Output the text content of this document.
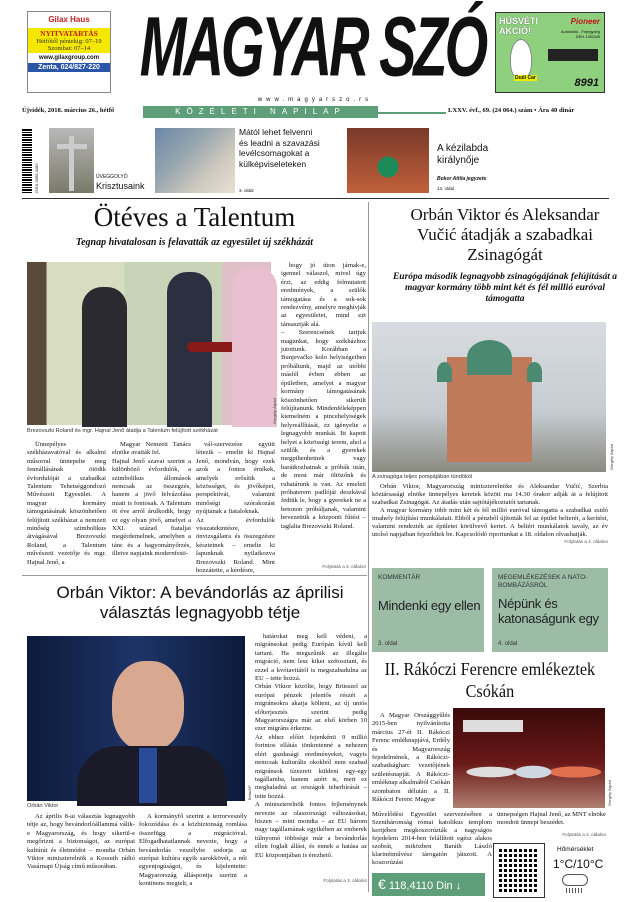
Gilax Haus
NYITVATARTÁS
Hétfőtől péntekig: 07–19
Szombat: 07–14
www.gilaxgroup.com
Zenta, 024/827-220 MAGYAR SZÓ
www.magyarszo.rs
HÚSVÉTI AKCIÓ!
Pioneer
Autórádió - Fejegység DEH-1900UB
Dudi Car	8991
Újvidék, 2018. március 26., hétfő	KÖZÉLETI NAPILAP	LXXV. évf., 69. (24 064.) szám • Ára 40 dinár
ISSN 0350-4182	ÜVEGGOLYÓ
Krisztusaink
Mától lehet felvenni és leadni a szavazási levélcsomagokat a külképviseleteken
3. oldal
A kézilabda királynője
Bokor Attila jegyzete
13. oldal
Ötéves a Talentum
Tegnap hivatalosan is felavatták az egyesület új székházát
Gergely Árpád
Brezovszki Roland és mgr. Hajnal Jenő átadja a Talentum felújított székházát
Ünnepélyes székházavatóval és alkalmi műsorral ünnepelte meg fennállásának ötödik évfordulóját a szabadkai Talentum Tehetséggondozó Művészeti Egyesület. A magyar kormány támogatásának köszönhetően felújított székházat a nemzeti minőség szimbolikus átvágásával Brezovszki Roland, a Talentum művészeti vezetője és mgr. Hajnal Jenő, a
Magyar Nemzeti Tanács elnöke avatták fel.
Hajnal Jenő szavai szerint a különböző évfordulók, a szimbolikus állomások nemcsak az összegzés, hanem a jövő felvázolása miatt is fontosak. A Talentum öt éve arról árulkodik, hogy ez egy olyan jövő, amelyet a XXI. század fiataljai megérdemelnek, amelyben a tánc és a hagyományőrzés, illetve napjaink modernfesti-
vál-szervezése együtt létezik – emelte ki Hajnal Jenő, mondván, hogy ezek azok a fontos értékek, amelyek erősítik a közösséget, és jövőképet, perspektívát, valamint minőségi szórakozást nyújtanak a fiataloknak.
Az évfordulók visszatekintésre, önvizsgálatra és összegzésre késztetnek – emelte ki lapunknak nyilatkozva Brezovszki Roland. Mint hozzátette, a kérdésre,
hogy jó úton járnak-e, igennel válaszol, mivel úgy érzi, az eddig felmutatott eredmények, a szülők támogatása és a sok-sok rendezvény, amelyre meghívják az egyesületet, mind ezt támasztják alá.
– Szerencsének tartjuk magunkat, hogy székházhoz jutottunk. Korábban a Bunjevačko kolo helyiségeiben próbáltunk, majd az utóbbi másfél évben ebben az épületben, amelyet a magyar kormány támogatásának köszönhetően sikerült felújítanunk. Mindenféleképpen kiemelném a pincehelyiségek helyreállítását, ez igényelte a legnagyobb munkát. Itt kapott helyet a közösségi terem, ahol a szülők és a gyerekek megpihenhetnek vagy barátkozhatnak a próbák után, de most már öltözőnk és ruhatárunk is van. Az emeleti próbaterem padlóját deszkával fedtük le, hogy a gyerekek ne a betonon próbáljanak, valamint bevezettük a központi fűtést – taglalta Brezovszki Roland.
Folytatás a 4. oldalon
Orbán Viktor és Aleksandar Vučić átadják a szabadkai Zsinagógát
Európa második legnagyobb zsinagógájának felújítását a magyar kormány több mint két és fél millió euróval támogatta
Gergely Árpád
A zsinagóga teljes pompájában tündököl
Orbán Viktor, Magyarország miniszterelnöke és Aleksandar Vučić, Szerbia köztársasági elnöke ünnepélyes keretek között ma 14.30 órakor adják át a felújított szabadkai Zsinagógát. Az átadás után sajtótájékoztatót tartanak.
A magyar kormány több mint két és fél millió euróval támogatta a szabadkai zsidó imahely felújítási munkálatait. Ebből a pénzből újították fel az épület belterét, a kerítést, valamint rendezték az épületet körülvevő kertet. A beltéri munkálatok tavaly, az év utolsó napjaiban fejeződtek be. Kapcsolódó riportunkat a 18. oldalon olvashatják.
Folytatás a 4. oldalon
KOMMENTÁR
Mindenki egy ellen
3. oldal
MEGEMLÉKEZÉSEK A NATO-BOMBÁZÁSRÓL
Népünk és katonaságunk egy
4. oldal
Orbán Viktor: A bevándorlás az áprilisi választás legnagyobb tétje
Beta/AP
Orbán Viktor
Az április 8-ai választás legnagyobb tétje az, hogy bevándorlóállammá válik-e Magyarország, és hogy sikerül-e megőrizni a biztonságot, az európai kultúrát és életmódot – mondta Orbán Viktor miniszterelnök a Kossuth rádió Vasárnapi Újság című műsorában.
A kormányfő szerint a terrorveszély fokozódása és a közbiztonság romlása összefügg a migrációval. Elfogadhatatlannak nevezte, hogy a bevándorlás veszélybe sodorja az európai kultúra egyik sarokkövét, a női egyenjogúságot, és kijelentette: Magyarország álláspontja szerint a kontinens megtelt, a
határokat meg kell védeni, a migránsokat pedig Európán kívül kell tartani. Ha megszűnik az illegális migráció, nem lesz kiket szétosztani, és ezzel a kvótavitától is megszabadulna az EU – tette hozzá.
Orbán Viktor közölte, hogy Brüsszel az európai pénzek jelentős részét a migránsokra akarja költeni, az új uniós előterjesztés szerint pedig Magyarországra már az első körben 10 ezer migráns érkezne.
Az ehhez előírt fejenkénti 9 millió forintos ellátás tönkretenné a nehezen elért gazdasági eredményeket, vagyis nemcsak kulturális okokból nem szabad migránsok tízezreit küldeni egy-egy tagállamba, hanem azért is, mert ez meghaladná az országok teherbírását – tette hozzá.
A miniszterelnök fontos fejleménynek nevezte az olaszországi változásokat, hiszen – mint mondta – az EU három nagy tagállamának egyikében az emberek túlnyomó többsége már a bevándorlás ellen foglalt állást, és ennek a hatása az EU központjában is érezhető.
Folytatás a 3. oldalon
II. Rákóczi Ferencre emlékeztek Csókán
A Magyar Országgyűlés 2015-ben nyilvánította március 27-ét II. Rákóczi Ferenc emléknapjává, Erdély és Magyarország fejedelmének, a Rákóczi-szabadságharc vezetőjének születésnapját. A Rákóczi-emléknap alkalmából Csókán szombaton délután a II. Rákóczi Ferenc Magyar	Gergely Árpád
Művelődési Egyesület szervezésében a Szentháromság római katolikus templom kertjében megkoszorúzták a nagyságos fejedelem 2014-ben felállított egész alakos szobrát, miközben Baráth László klarinétművész tárogatón játszott. A koszorúzást
ünnepségen Hajnal Jenő, az MNT elnöke mondott ünnepi beszédet.
Folytatás a 4. oldalon
€ 118,4110 Din ↓
Hőmérséklet
1°C/10°C
